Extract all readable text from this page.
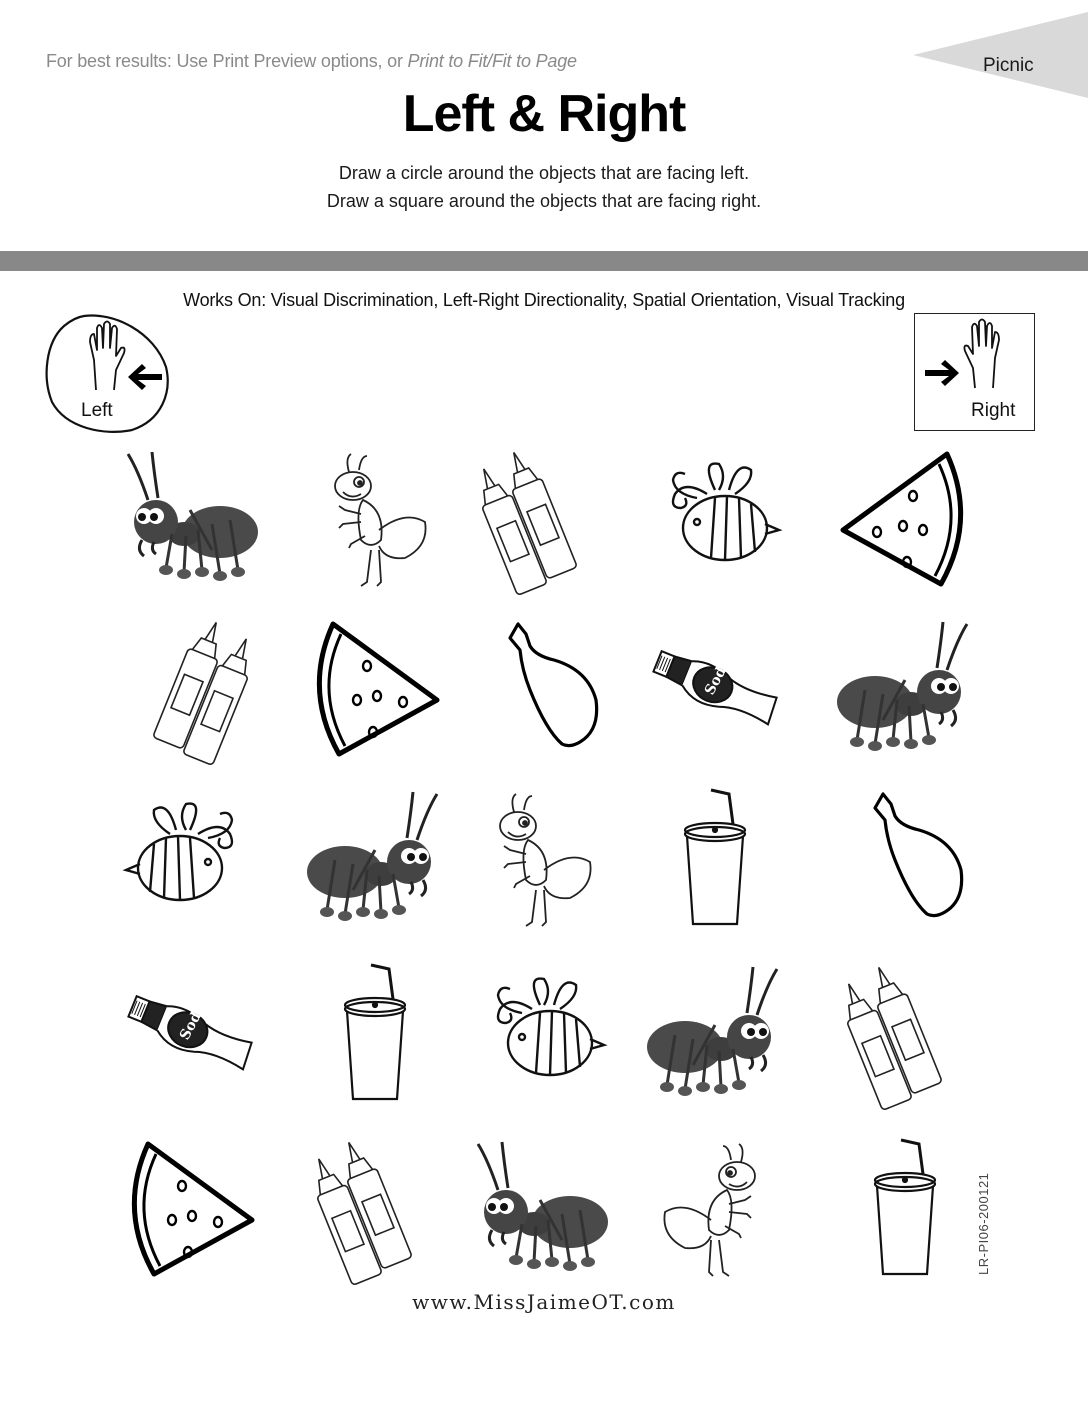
For best results: Use Print Preview options, or Print to Fit/Fit to Page	Picnic
Left & Right
Draw a circle around the objects that are facing left.
Draw a square around the objects that are facing right.
Works On: Visual Discrimination, Left-Right Directionality, Spatial Orientation, Visual Tracking
Left	Right
www.MissJaimeOT.com
LR-PI06-200121
